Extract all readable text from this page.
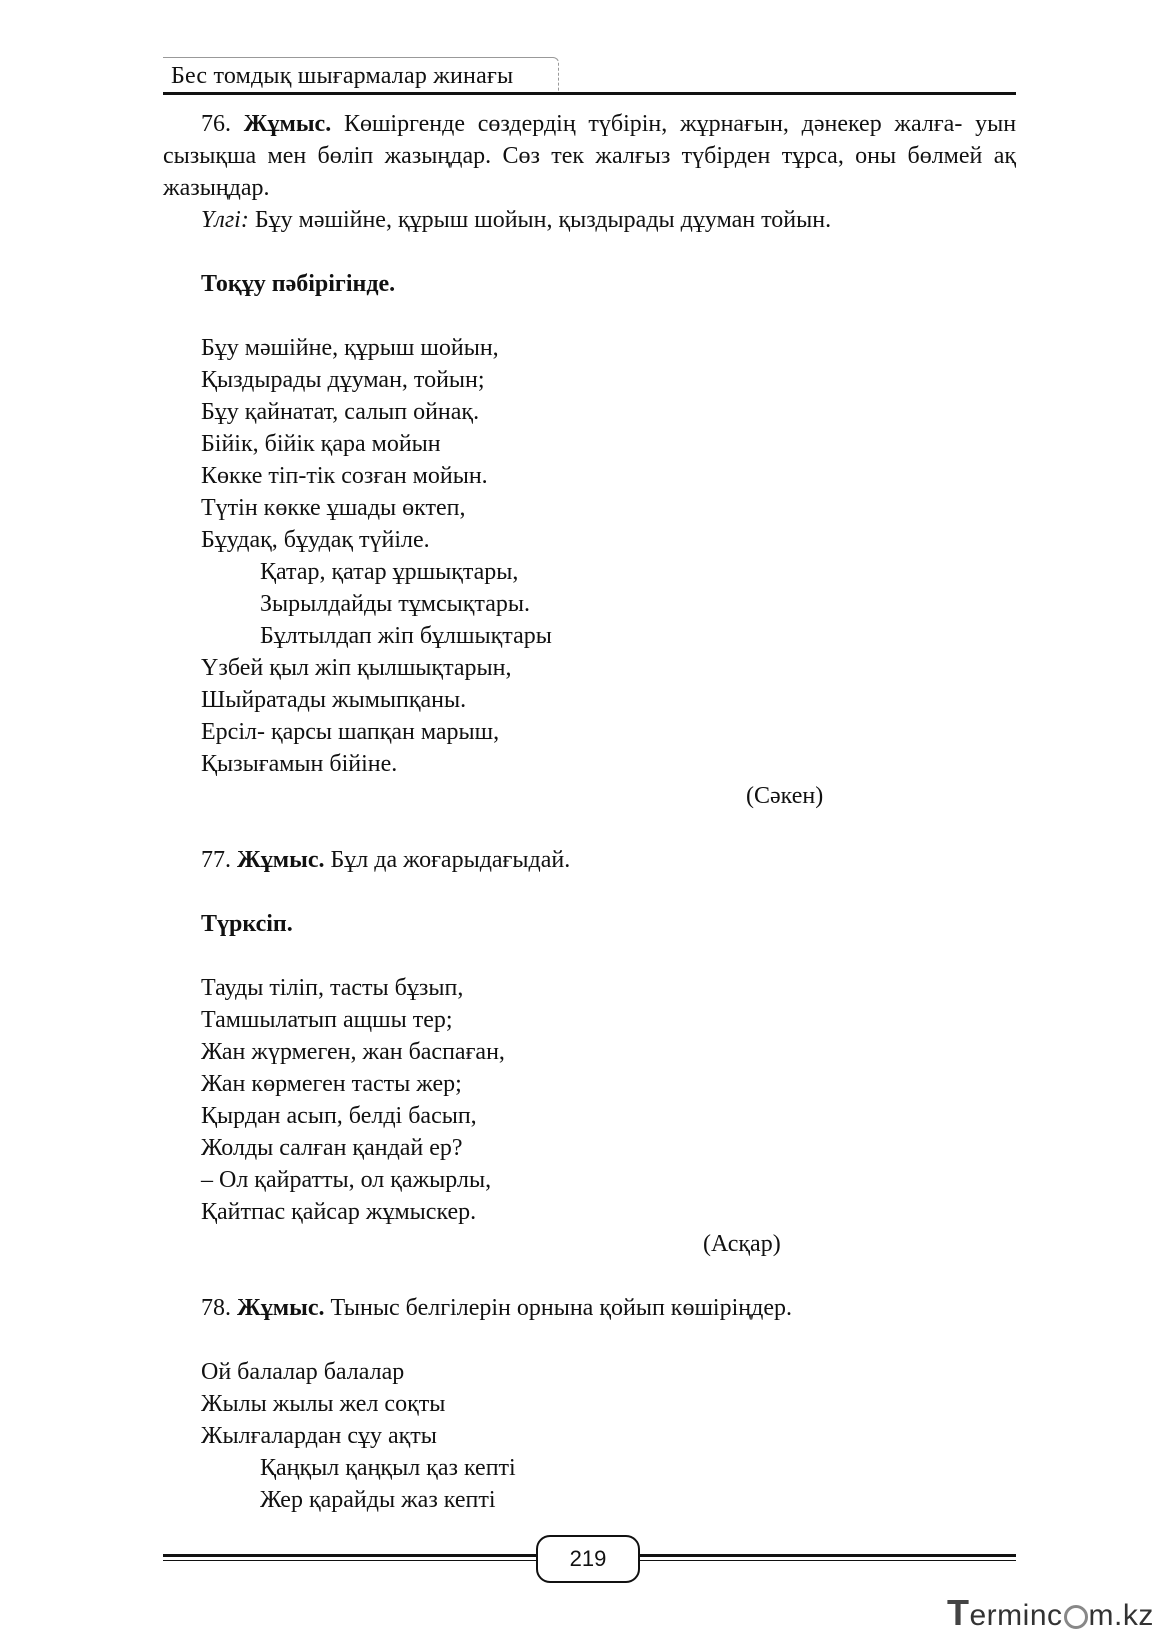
Бес томдық шығармалар жинағы

76. Жұмыс. Көшіргенде сөздердің түбірін, жұрнағын, дәнекер жалға- уын сызықша мен бөліп жазыңдар. Сөз тек жалғыз түбірден тұрса, оны бөлмей ақ жазыңдар.

Үлгі: Бұу мәшійне, құрыш шойын, қыздырады дұуман тойын.

Тоқұу пәбірігінде.

Бұу мәшійне, құрыш шойын,

Қыздырады дұуман, тойын;

Бұу қайнатат, салып ойнақ.

Бійік, бійік қара мойын

Көкке тіп-тік созған мойын.

Түтін көкке ұшады өктеп,

Бұудақ, бұудақ түйіле.

Қатар, қатар ұршықтары,

Зырылдайды тұмсықтары.

Бұлтылдап жіп бұлшықтары

Үзбей қыл жіп қылшықтарын,

Шыйратады жымыпқаны.

Ерсіл- қарсы шапқан марыш,

Қызығамын бійіне.

(Сәкен)

77. Жұмыс. Бұл да жоғарыдағыдай.

Түрксіп.

Тауды тіліп, тасты бұзып,

Тамшылатып ащшы тер;

Жан жүрмеген, жан баспаған,

Жан көрмеген тасты жер;

Қырдан асып, белді басып,

Жолды салған қандай ер?

– Ол қайратты, ол қажырлы,

Қайтпас қайсар жұмыскер.

(Асқар)

78. Жұмыс. Тыныс белгілерін орнына қойып көшіріңдер.

Ой балалар балалар

Жылы жылы жел соқты

Жылғалардан сұу ақты

Қаңқыл қаңқыл қаз кепті

Жер қарайды жаз кепті

219
Terminc m.kz
